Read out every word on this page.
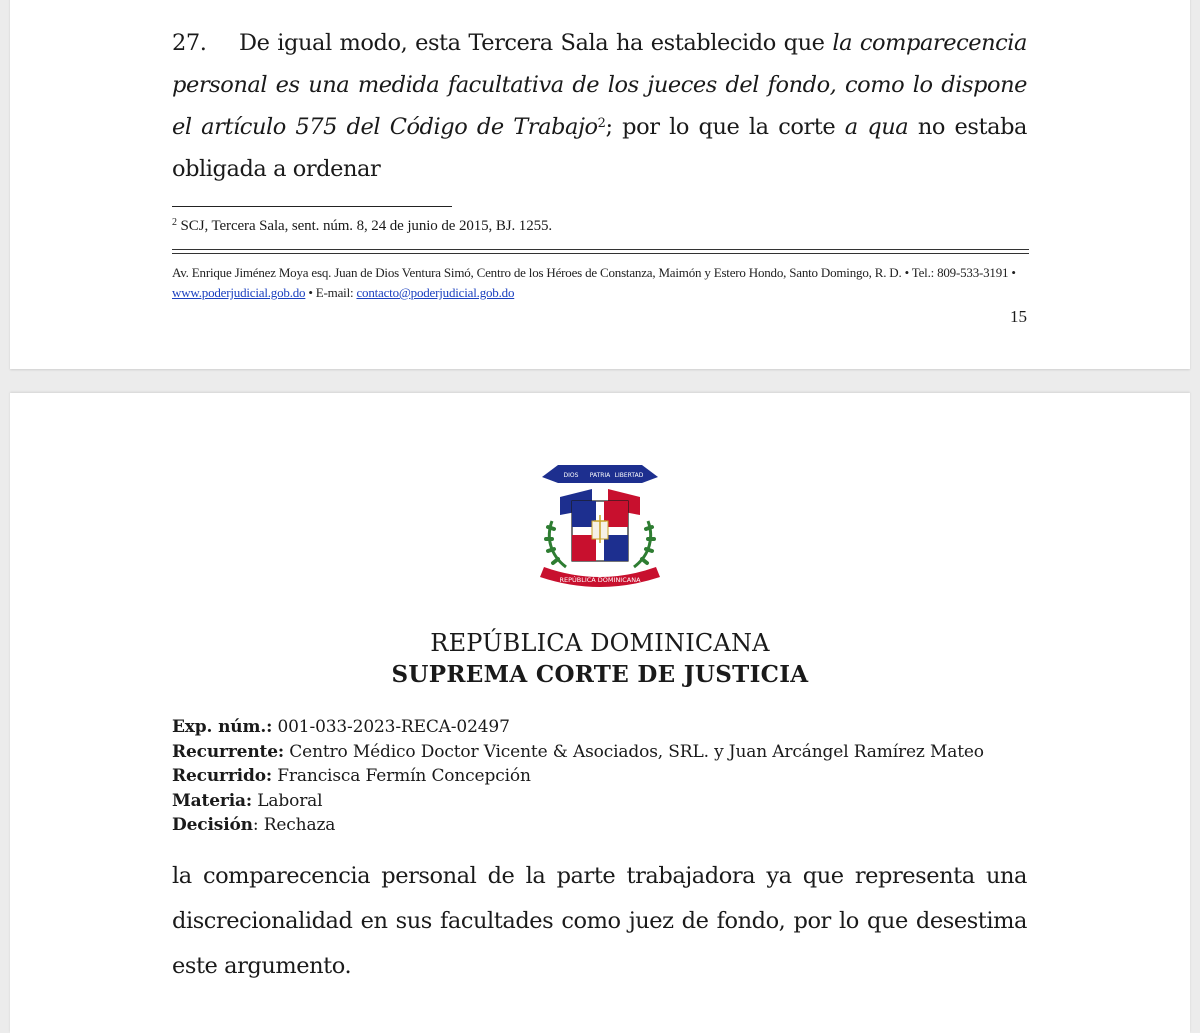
27. De igual modo, esta Tercera Sala ha establecido que la comparecencia personal es una medida facultativa de los jueces del fondo, como lo dispone el artículo 575 del Código de Trabajo$^2$; por lo que la corte a qua no estaba obligada a ordenar
$^2$ SCJ, Tercera Sala, sent. núm. 8, 24 de junio de 2015, BJ. 1255.
Av. Enrique Jiménez Moya esq. Juan de Dios Ventura Simó, Centro de los Héroes de Constanza, Maimón y Estero Hondo, Santo Domingo, R. D. • Tel.: 809-533-3191 • www.poderjudicial.gob.do • E-mail: contacto@poderjudicial.gob.do
15
DIOS PATRIA LIBERTAD
REPÚBLICA DOMINICANA
REPÚBLICA DOMINICANA
SUPREMA CORTE DE JUSTICIA
Exp. núm.: 001-033-2023-RECA-02497
Recurrente: Centro Médico Doctor Vicente & Asociados, SRL. y Juan Arcángel Ramírez Mateo
Recurrido: Francisca Fermín Concepción
Materia: Laboral
Decisión: Rechaza
la comparecencia personal de la parte trabajadora ya que representa una discrecionalidad en sus facultades como juez de fondo, por lo que desestima este argumento.
